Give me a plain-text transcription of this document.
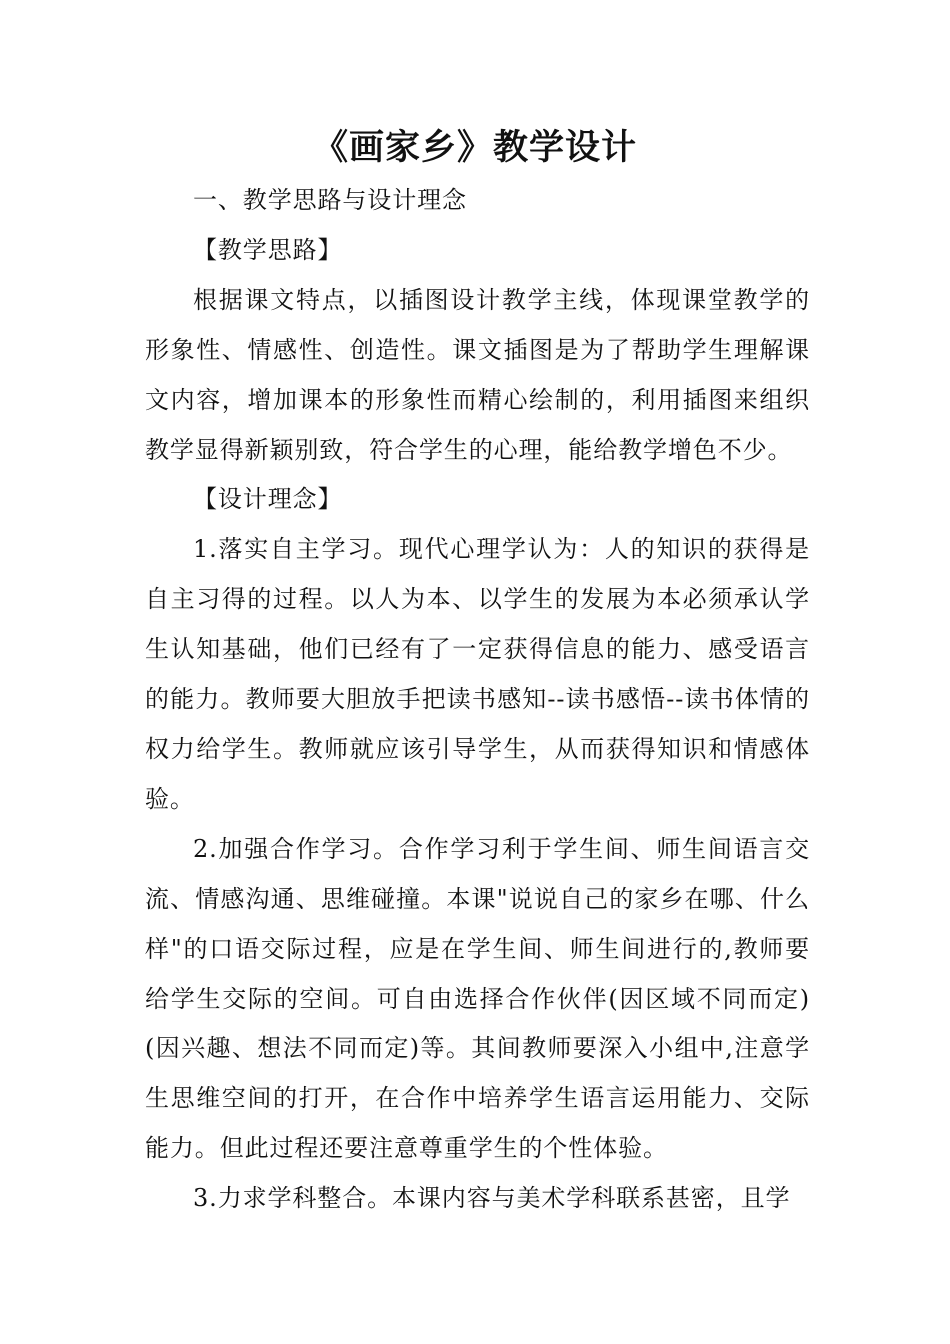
《画家乡》教学设计

一、教学思路与设计理念

【教学思路】

根据课文特点，以插图设计教学主线，体现课堂教学的形象性、情感性、创造性。课文插图是为了帮助学生理解课文内容，增加课本的形象性而精心绘制的，利用插图来组织教学显得新颖别致，符合学生的心理，能给教学增色不少。

【设计理念】

1.落实自主学习。现代心理学认为：人的知识的获得是自主习得的过程。以人为本、以学生的发展为本必须承认学生认知基础，他们已经有了一定获得信息的能力、感受语言的能力。教师要大胆放手把读书感知--读书感悟--读书体情的权力给学生。教师就应该引导学生，从而获得知识和情感体验。

2.加强合作学习。合作学习利于学生间、师生间语言交流、情感沟通、思维碰撞。本课"说说自己的家乡在哪、什么样"的口语交际过程，应是在学生间、师生间进行的,教师要给学生交际的空间。可自由选择合作伙伴(因区域不同而定)(因兴趣、想法不同而定)等。其间教师要深入小组中,注意学生思维空间的打开，在合作中培养学生语言运用能力、交际能力。但此过程还要注意尊重学生的个性体验。

3.力求学科整合。本课内容与美术学科联系甚密，且学
